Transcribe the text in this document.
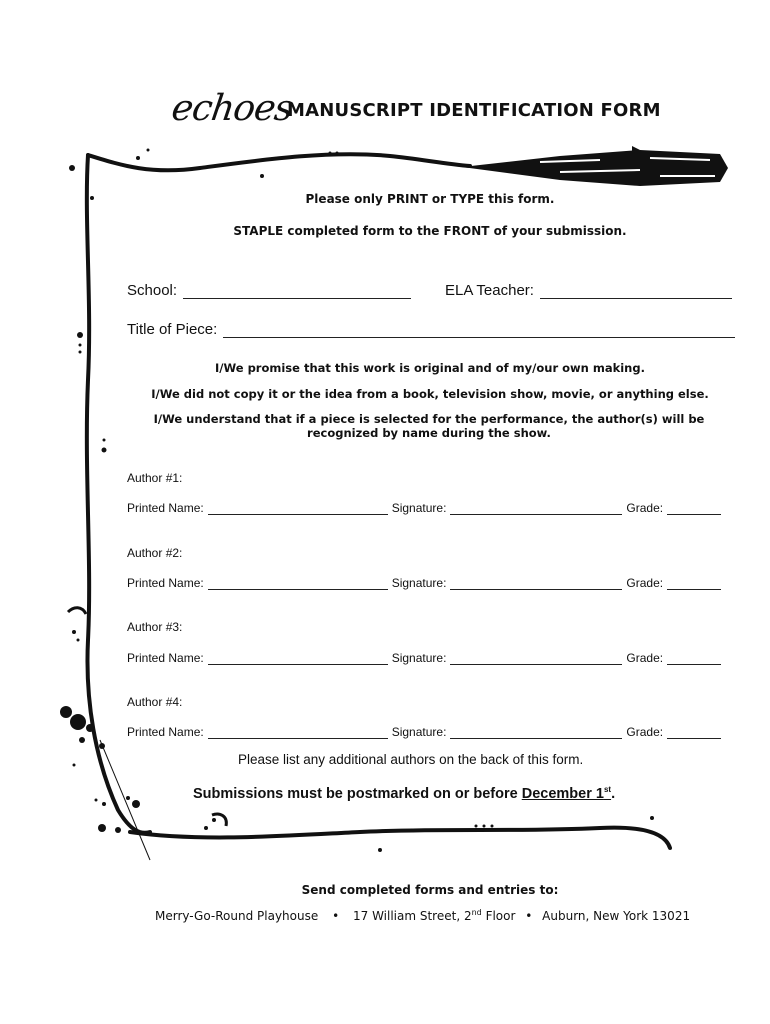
echoes
MANUSCRIPT IDENTIFICATION FORM
Please only PRINT or TYPE this form.
STAPLE completed form to the FRONT of your submission.
School:	ELA Teacher:
Title of Piece:
I/We promise that this work is original and of my/our own making.
I/We did not copy it or the idea from a book, television show, movie, or anything else.
I/We understand that if a piece is selected for the performance, the author(s) will be recognized by name during the show.
Author #1:
Printed Name:	Signature:	Grade:
Author #2:
Printed Name:	Signature:	Grade:
Author #3:
Printed Name:	Signature:	Grade:
Author #4:
Printed Name:	Signature:	Grade:
Please list any additional authors on the back of this form.
Submissions must be postmarked on or before December 1st.
Send completed forms and entries to:
Merry-Go-Round Playhouse • 17 William Street, 2nd Floor • Auburn, New York 13021
